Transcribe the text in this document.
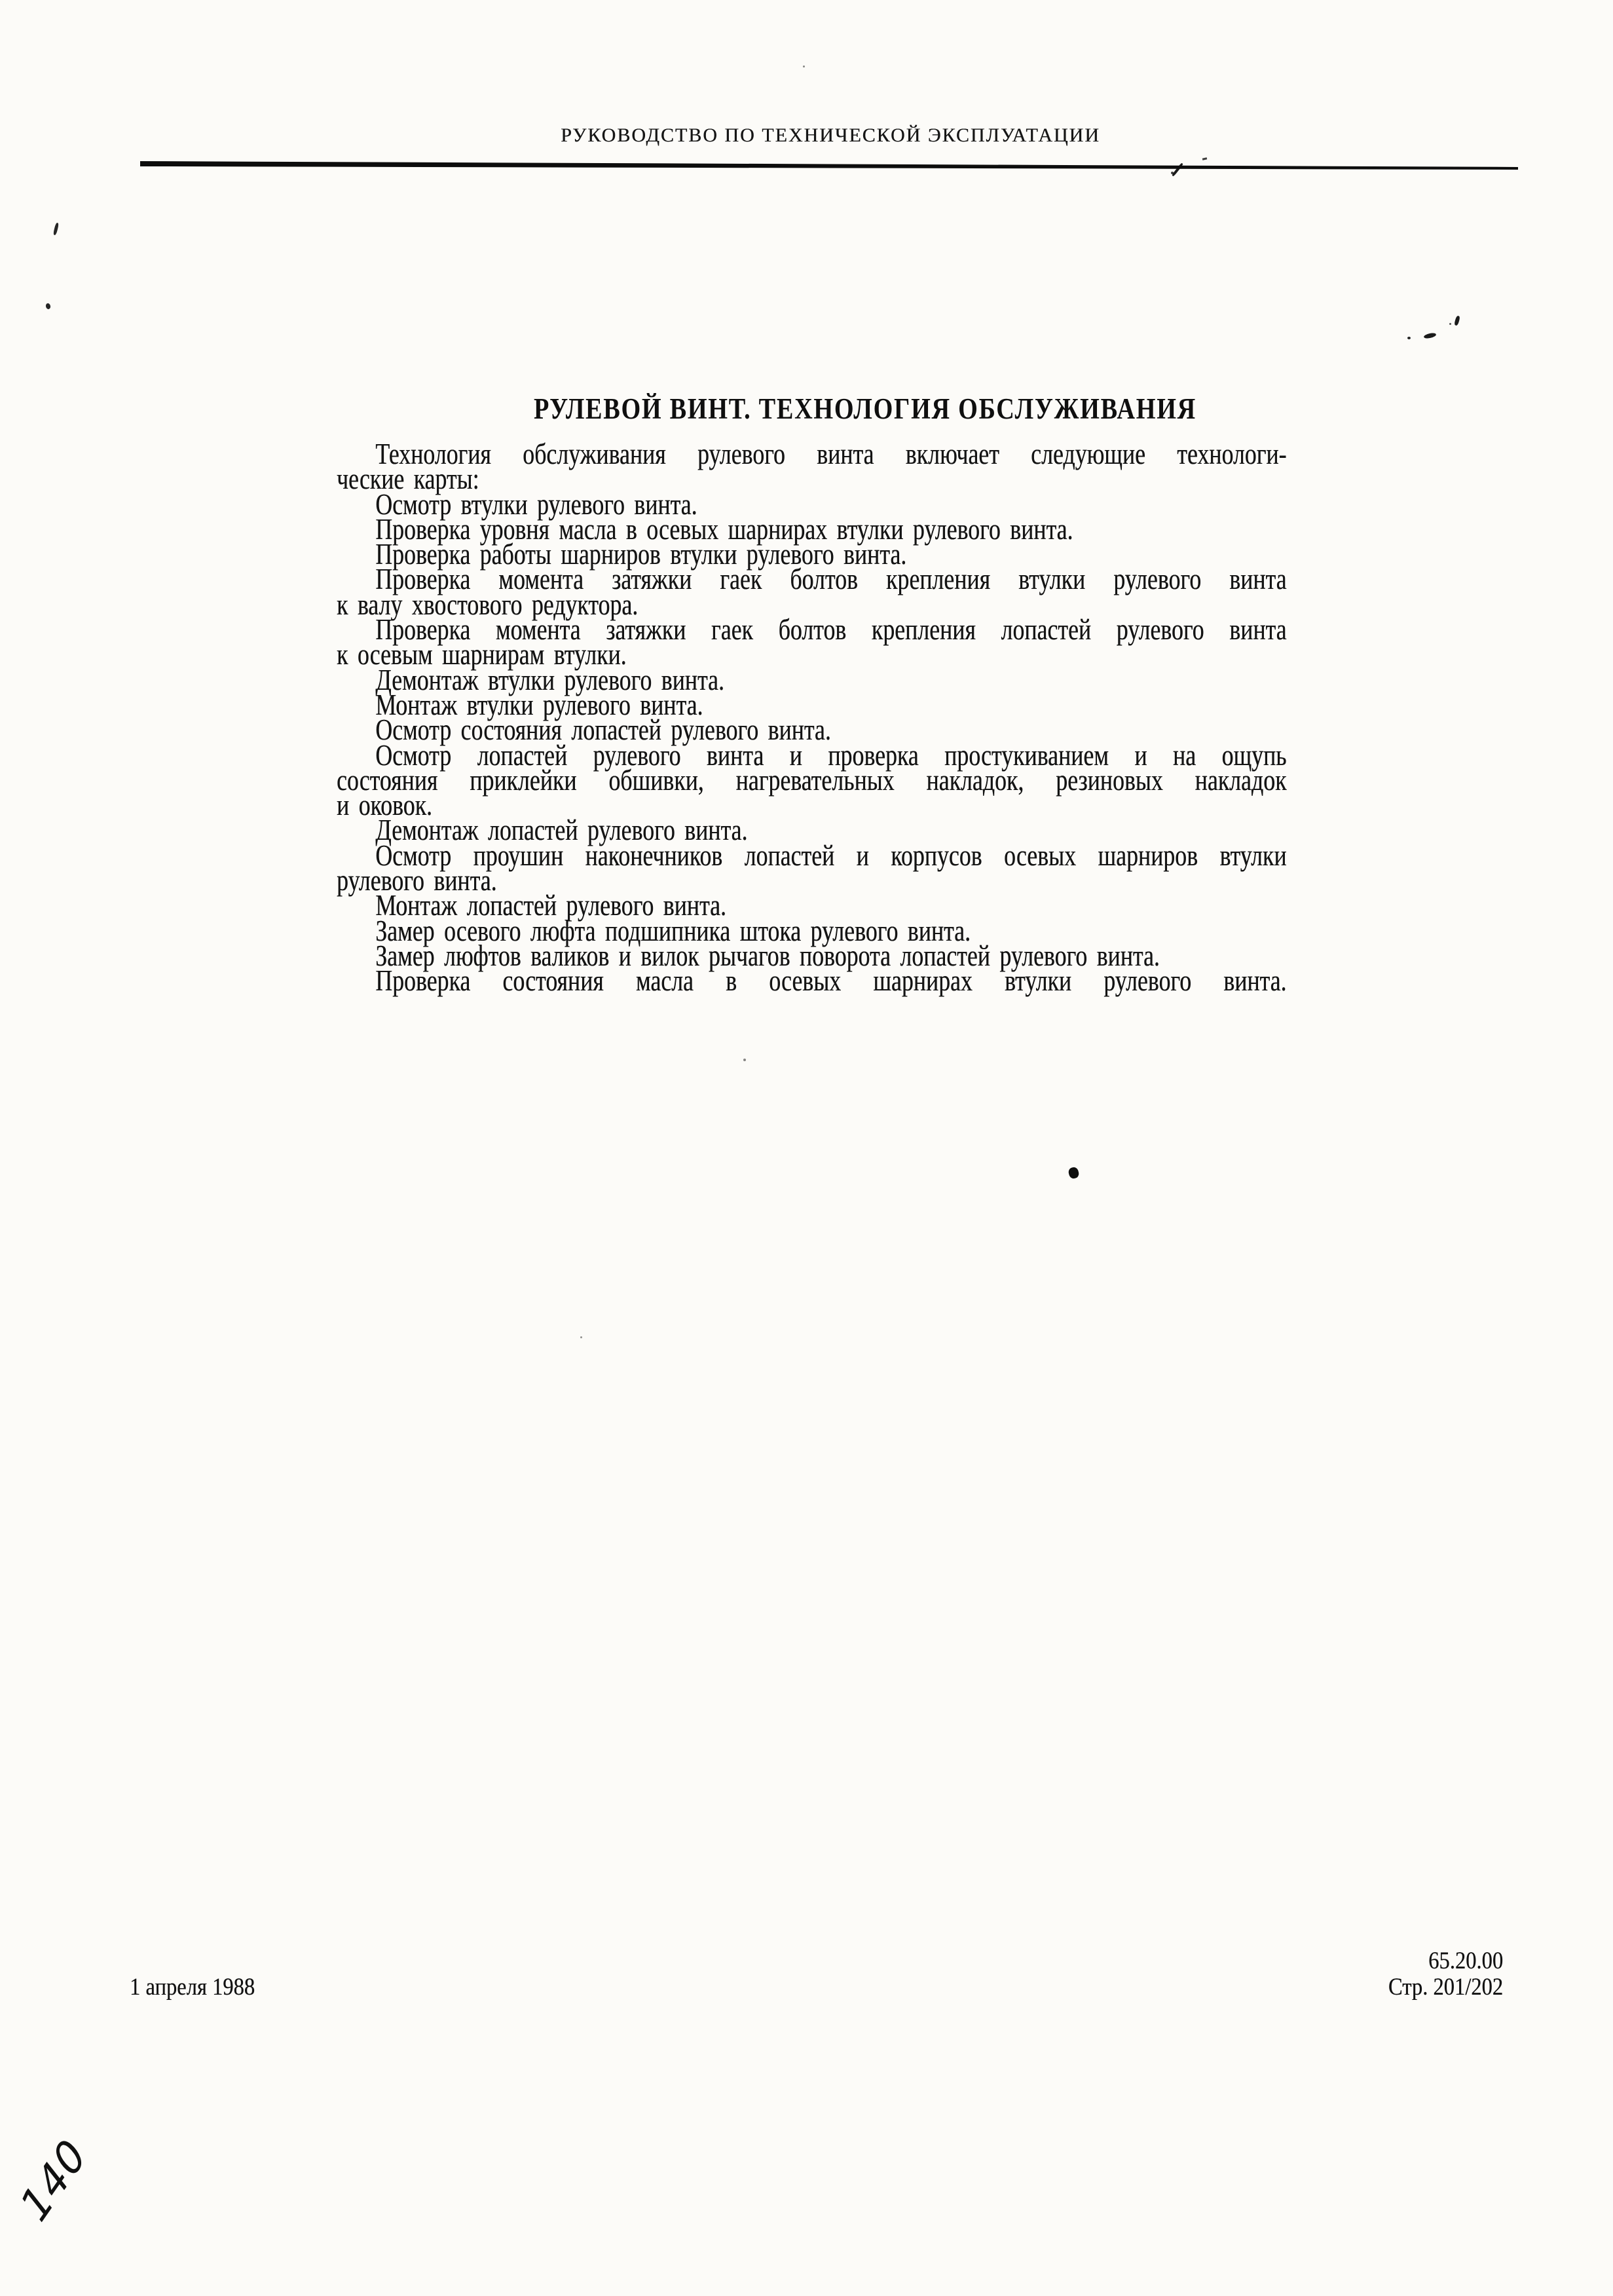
РУКОВОДСТВО ПО ТЕХНИЧЕСКОЙ ЭКСПЛУАТАЦИИ
РУЛЕВОЙ ВИНТ. ТЕХНОЛОГИЯ ОБСЛУЖИВАНИЯ
Технология обслуживания рулевого винта включает следующие технологи-
ческие карты:
Осмотр втулки рулевого винта.
Проверка уровня масла в осевых шарнирах втулки рулевого винта.
Проверка работы шарниров втулки рулевого винта.
Проверка момента затяжки гаек болтов крепления втулки рулевого винта
к валу хвостового редуктора.
Проверка момента затяжки гаек болтов крепления лопастей рулевого винта
к осевым шарнирам втулки.
Демонтаж втулки рулевого винта.
Монтаж втулки рулевого винта.
Осмотр состояния лопастей рулевого винта.
Осмотр лопастей рулевого винта и проверка простукиванием и на ощупь
состояния приклейки обшивки, нагревательных накладок, резиновых накладок
и оковок.
Демонтаж лопастей рулевого винта.
Осмотр проушин наконечников лопастей и корпусов осевых шарниров втулки
рулевого винта.
Монтаж лопастей рулевого винта.
Замер осевого люфта подшипника штока рулевого винта.
Замер люфтов валиков и вилок рычагов поворота лопастей рулевого винта.
Проверка состояния масла в осевых шарнирах втулки рулевого винта.
1 апреля 1988
65.20.00
Стр. 201/202
140
